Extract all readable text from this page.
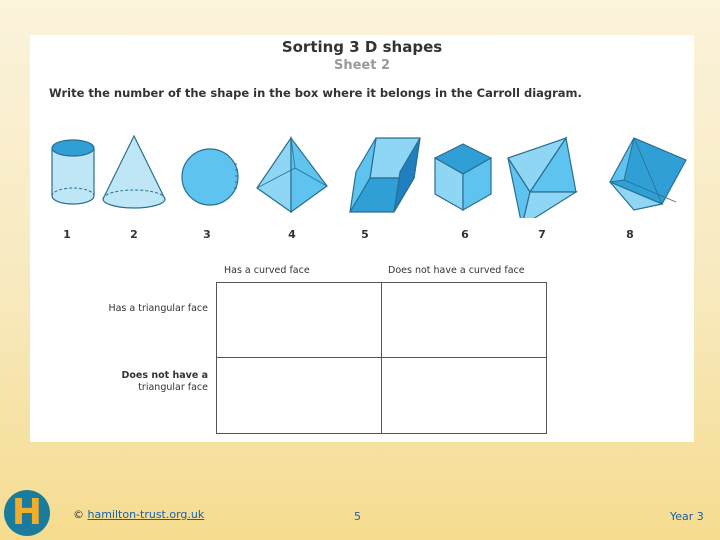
Sorting 3 D shapes
Sheet 2
Write the number of the shape in the box where it belongs in the Carroll diagram.
1	2	3	4	5	6	7	8
Has a curved face	Does not have a curved face
Has a triangular face
Does not have a
triangular face
H	© hamilton-trust.org.uk	5	Year 3
